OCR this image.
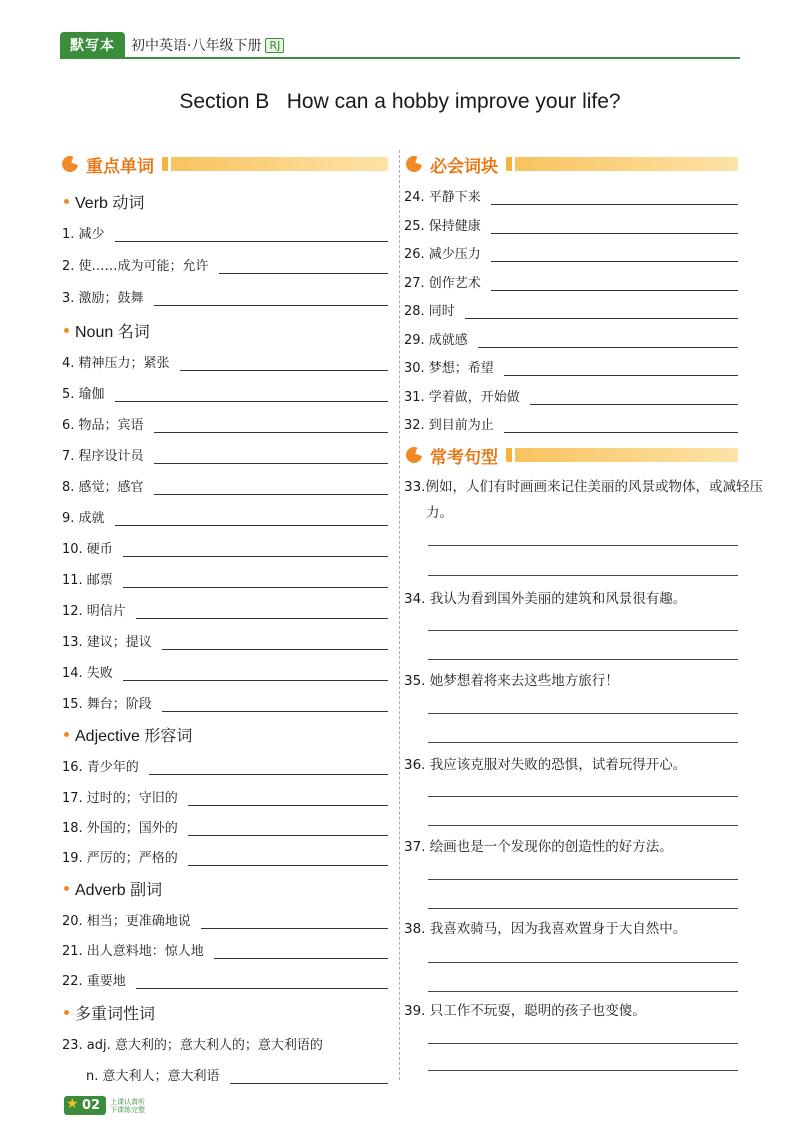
默写本	初中英语·八年级下册 RJ
Section B   How can a hobby improve your life?
重点单词
Verb 动词
1. 减少
2. 使……成为可能；允许
3. 激励；鼓舞
Noun 名词
4. 精神压力；紧张
5. 瑜伽
6. 物品；宾语
7. 程序设计员
8. 感觉；感官
9. 成就
10. 硬币
11. 邮票
12. 明信片
13. 建议；提议
14. 失败
15. 舞台；阶段
Adjective 形容词
16. 青少年的
17. 过时的；守旧的
18. 外国的；国外的
19. 严厉的；严格的
Adverb 副词
20. 相当；更准确地说
21. 出人意料地：惊人地
22. 重要地
多重词性词
23. adj. 意大利的；意大利人的；意大利语的
n. 意大利人；意大利语
必会词块
24. 平静下来
25. 保持健康
26. 减少压力
27. 创作艺术
28. 同时
29. 成就感
30. 梦想；希望
31. 学着做，开始做
32. 到目前为止
常考句型
33.例如，人们有时画画来记住美丽的风景或物体，或减轻压力。
34. 我认为看到国外美丽的建筑和风景很有趣。
35. 她梦想着将来去这些地方旅行！
36. 我应该克服对失败的恐惧，试着玩得开心。
37. 绘画也是一个发现你的创造性的好方法。
38. 我喜欢骑马，因为我喜欢置身于大自然中。
39. 只工作不玩耍，聪明的孩子也变傻。
★ 02	上课认真听 下课练完整
